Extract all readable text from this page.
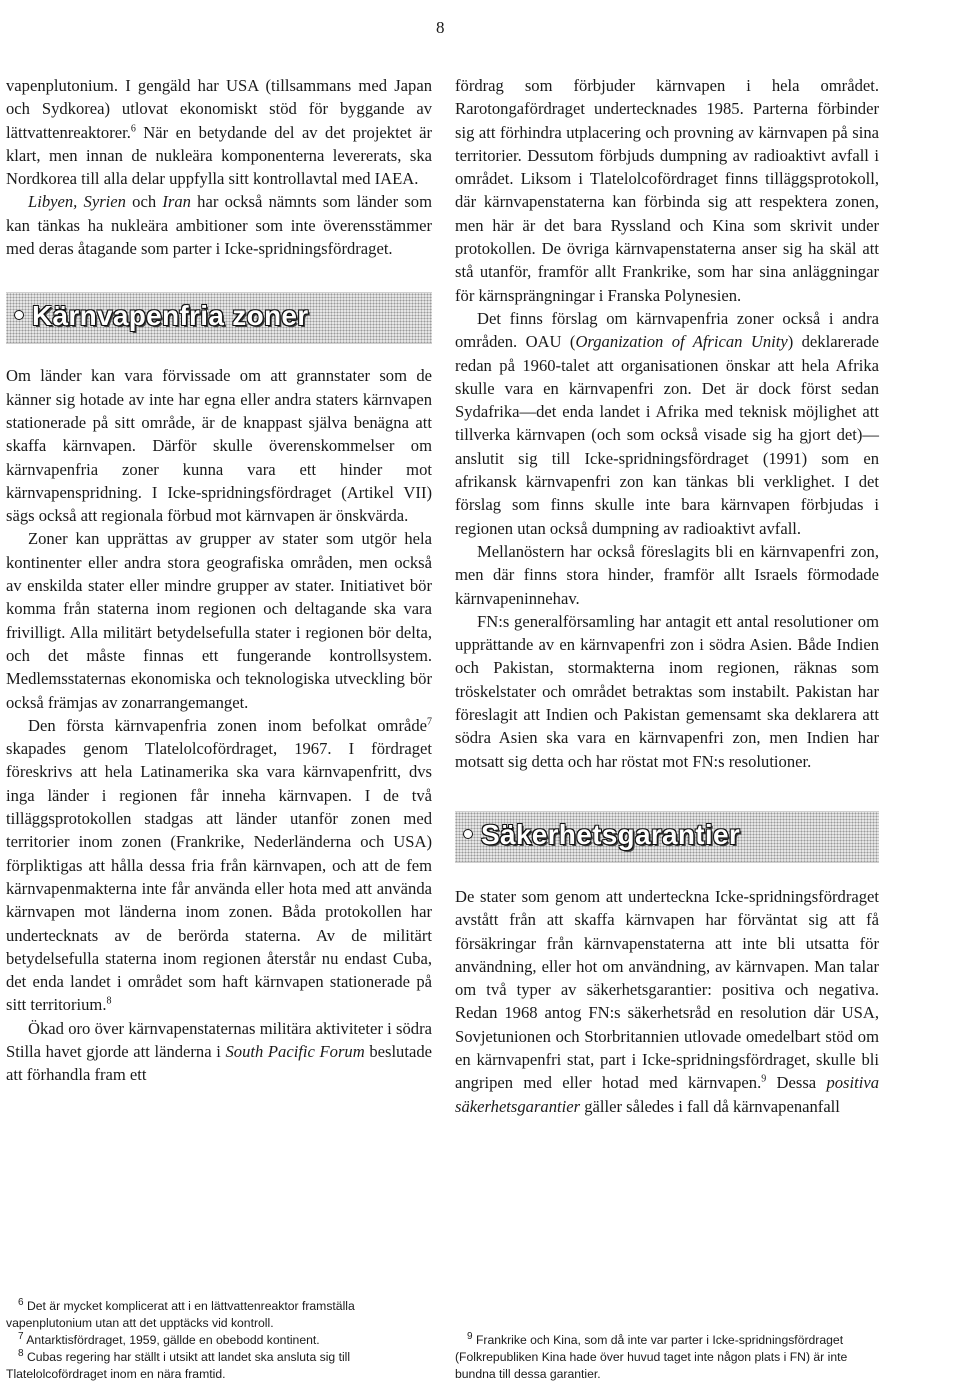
8

vapenplutonium. I gengäld har USA (tillsammans med Japan och Sydkorea) utlovat ekonomiskt stöd för byggande av lättvattenreaktorer.$^6$ När en betydande del av det projektet är klart, men innan de nukleära komponenterna levererats, ska Nordkorea till alla delar uppfylla sitt kontrollavtal med IAEA.

Libyen, Syrien och Iran har också nämnts som länder som kan tänkas ha nukleära ambitioner som inte överensstämmer med deras åtagande som parter i Icke-spridningsfördraget.

Kärnvapenfria zoner

Om länder kan vara förvissade om att grannstater som de känner sig hotade av inte har egna eller andra staters kärnvapen stationerade på sitt område, är de knappast själva benägna att skaffa kärnvapen. Därför skulle överenskommelser om kärnvapenfria zoner kunna vara ett hinder mot kärnvapenspridning. I Icke-spridningsfördraget (Artikel VII) sägs också att regionala förbud mot kärnvapen är önskvärda.

Zoner kan upprättas av grupper av stater som utgör hela kontinenter eller andra stora geografiska områden, men också av enskilda stater eller mindre grupper av stater. Initiativet bör komma från staterna inom regionen och deltagande ska vara frivilligt. Alla militärt betydelsefulla stater i regionen bör delta, och det måste finnas ett fungerande kontrollsystem. Medlemsstaternas ekonomiska och teknologiska utveckling bör också främjas av zonarrangemanget.

Den första kärnvapenfria zonen inom befolkat område$^7$ skapades genom Tlatelolcofördraget, 1967. I fördraget föreskrivs att hela Latinamerika ska vara kärnvapenfritt, dvs inga länder i regionen får inneha kärnvapen. I de två tilläggsprotokollen stadgas att länder utanför zonen med territorier inom zonen (Frankrike, Nederländerna och USA) förpliktigas att hålla dessa fria från kärnvapen, och att de fem kärnvapenmakterna inte får använda eller hota med att använda kärnvapen mot länderna inom zonen. Båda protokollen har undertecknats av de berörda staterna. Av de militärt betydelsefulla staterna inom regionen återstår nu endast Cuba, det enda landet i området som haft kärnvapen stationerade på sitt territorium.$^8$

Ökad oro över kärnvapenstaternas militära aktiviteter i södra Stilla havet gjorde att länderna i South Pacific Forum beslutade att förhandla fram ett

fördrag som förbjuder kärnvapen i hela området. Rarotongafördraget undertecknades 1985. Parterna förbinder sig att förhindra utplacering och provning av kärnvapen på sina territorier. Dessutom förbjuds dumpning av radioaktivt avfall i området. Liksom i Tlatelolcofördraget finns tilläggsprotokoll, där kärnvapenstaterna kan förbinda sig att respektera zonen, men här är det bara Ryssland och Kina som skrivit under protokollen. De övriga kärnvapenstaterna anser sig ha skäl att stå utanför, framför allt Frankrike, som har sina anläggningar för kärnsprängningar i Franska Polynesien.

Det finns förslag om kärnvapenfria zoner också i andra områden. OAU (Organization of African Unity) deklarerade redan på 1960-talet att organisationen önskar att hela Afrika skulle vara en kärnvapenfri zon. Det är dock först sedan Sydafrika—det enda landet i Afrika med teknisk möjlighet att tillverka kärnvapen (och som också visade sig ha gjort det)—anslutit sig till Icke-spridningsfördraget (1991) som en afrikansk kärnvapenfri zon kan tänkas bli verklighet. I det förslag som finns skulle inte bara kärnvapen förbjudas i regionen utan också dumpning av radioaktivt avfall.

Mellanöstern har också föreslagits bli en kärnvapenfri zon, men där finns stora hinder, framför allt Israels förmodade kärnvapeninnehav.

FN:s generalförsamling har antagit ett antal resolutioner om upprättande av en kärnvapenfri zon i södra Asien. Både Indien och Pakistan, stormakterna inom regionen, räknas som tröskelstater och området betraktas som instabilt. Pakistan har föreslagit att Indien och Pakistan gemensamt ska deklarera att södra Asien ska vara en kärnvapenfri zon, men Indien har motsatt sig detta och har röstat mot FN:s resolutioner.

Säkerhetsgarantier

De stater som genom att underteckna Icke-spridningsfördraget avstått från att skaffa kärnvapen har förväntat sig att få försäkringar från kärnvapenstaterna att inte bli utsatta för användning, eller hot om användning, av kärnvapen. Man talar om två typer av säkerhetsgarantier: positiva och negativa. Redan 1968 antog FN:s säkerhetsråd en resolution där USA, Sovjetunionen och Storbritannien utlovade omedelbart stöd om en kärnvapenfri stat, part i Icke-spridningsfördraget, skulle bli angripen med eller hotad med kärnvapen.$^9$ Dessa positiva säkerhetsgarantier gäller således i fall då kärnvapenanfall

$^6$ Det är mycket komplicerat att i en lättvattenreaktor framställa vapenplutonium utan att det upptäcks vid kontroll.

$^7$ Antarktisfördraget, 1959, gällde en obebodd kontinent.

$^8$ Cubas regering har ställt i utsikt att landet ska ansluta sig till Tlatelolcofördraget inom en nära framtid.

$^9$ Frankrike och Kina, som då inte var parter i Icke-spridningsfördraget (Folkrepubliken Kina hade över huvud taget inte någon plats i FN) är inte bundna till dessa garantier.
